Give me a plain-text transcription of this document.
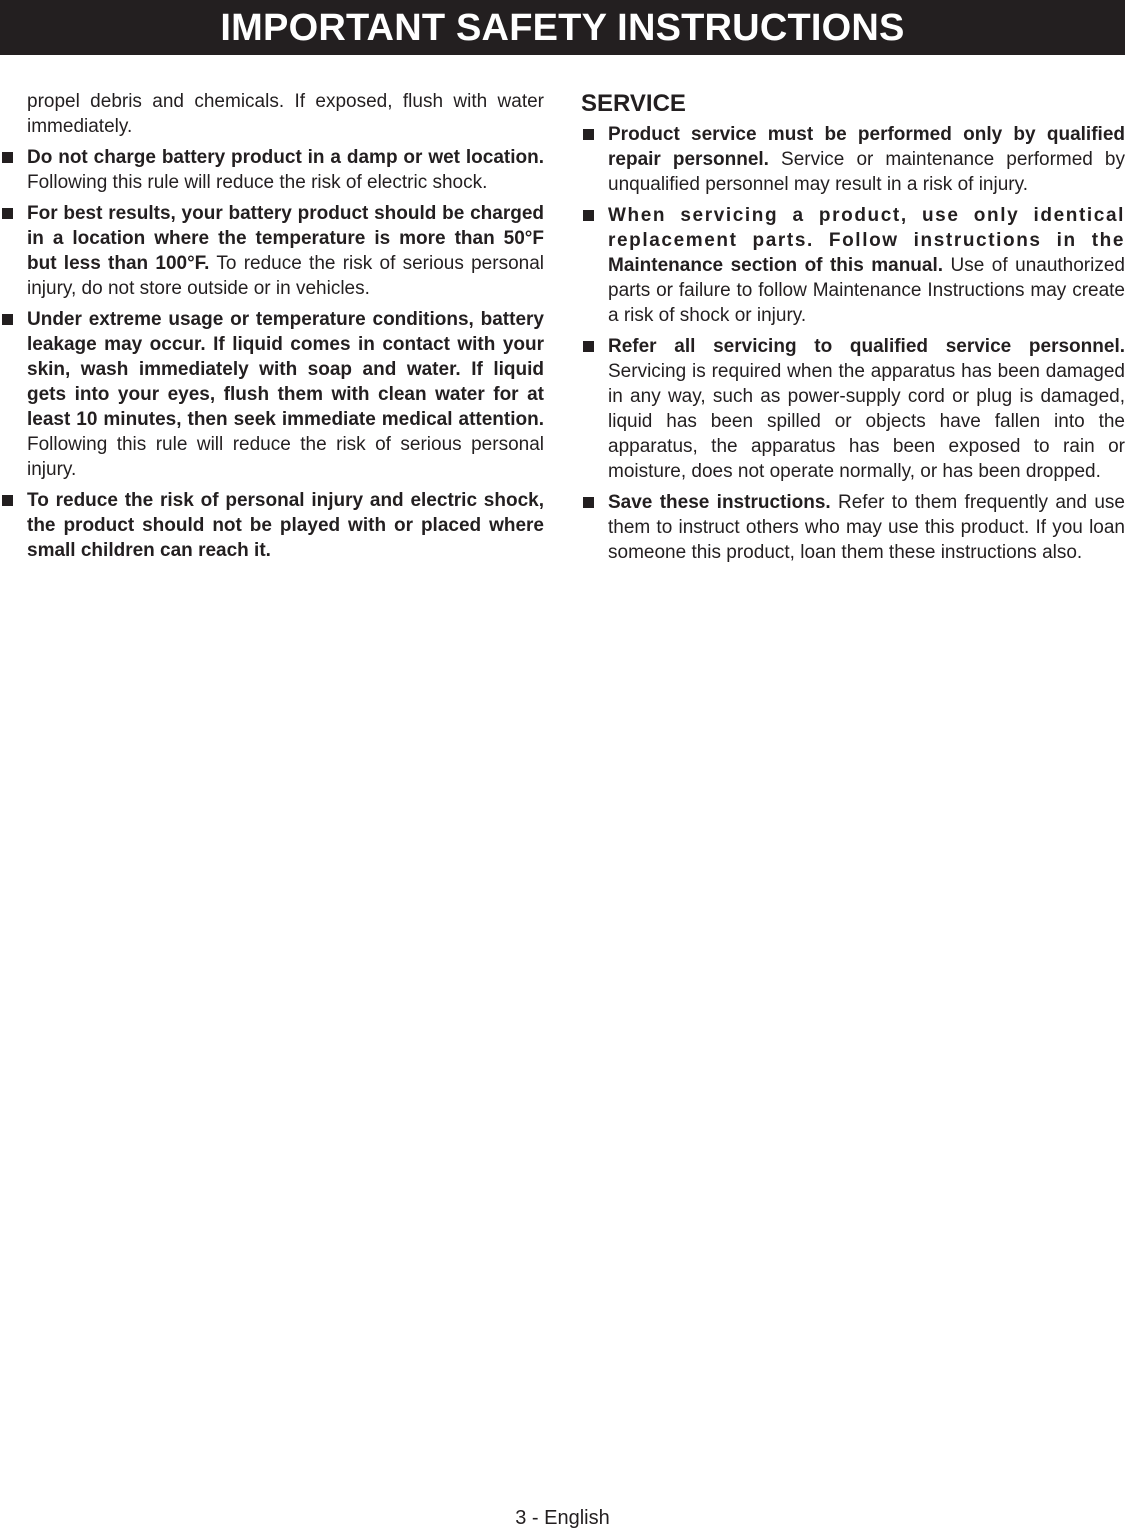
IMPORTANT SAFETY INSTRUCTIONS

propel debris and chemicals. If exposed, flush with water immediately.

Do not charge battery product in a damp or wet location. Following this rule will reduce the risk of electric shock.
For best results, your battery product should be charged in a location where the temperature is more than 50°F but less than 100°F. To reduce the risk of serious personal injury, do not store outside or in vehicles.
Under extreme usage or temperature conditions, battery leakage may occur. If liquid comes in contact with your skin, wash immediately with soap and water. If liquid gets into your eyes, flush them with clean water for at least 10 minutes, then seek immediate medical attention. Following this rule will reduce the risk of serious personal injury.
To reduce the risk of personal injury and electric shock, the product should not be played with or placed where small children can reach it.
SERVICE
Product service must be performed only by qualified repair personnel. Service or maintenance performed by unqualified personnel may result in a risk of injury.
When servicing a product, use only identical replacement parts. Follow instructions in the Maintenance section of this manual. Use of unauthorized parts or failure to follow Maintenance Instructions may create a risk of shock or injury.
Refer all servicing to qualified service personnel. Servicing is required when the apparatus has been damaged in any way, such as power-supply cord or plug is damaged, liquid has been spilled or objects have fallen into the apparatus, the apparatus has been exposed to rain or moisture, does not operate normally, or has been dropped.
Save these instructions. Refer to them frequently and use them to instruct others who may use this product. If you loan someone this product, loan them these instructions also.
3 - English
